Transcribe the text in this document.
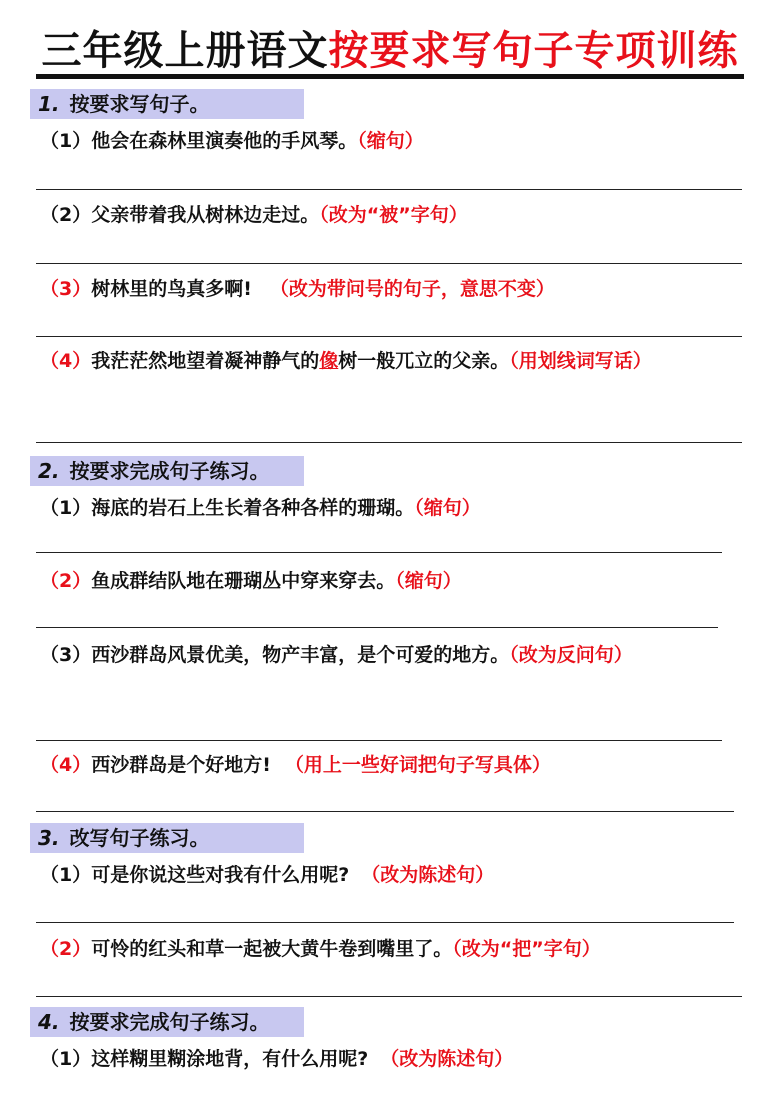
三年级上册语文按要求写句子专项训练
1. 按要求写句子。
（1）他会在森林里演奏他的手风琴。（缩句）
（2）父亲带着我从树林边走过。（改为“被”字句）
（3）树林里的鸟真多啊! （改为带问号的句子，意思不变）
（4）我茫茫然地望着凝神静气的像树一般兀立的父亲。（用划线词写话）
2. 按要求完成句子练习。
（1）海底的岩石上生长着各种各样的珊瑚。（缩句）
（2）鱼成群结队地在珊瑚丛中穿来穿去。（缩句）
（3）西沙群岛风景优美，物产丰富，是个可爱的地方。（改为反问句）
（4）西沙群岛是个好地方! （用上一些好词把句子写具体）
3. 改写句子练习。
（1）可是你说这些对我有什么用呢? （改为陈述句）
（2）可怜的红头和草一起被大黄牛卷到嘴里了。（改为“把”字句）
4. 按要求完成句子练习。
（1）这样糊里糊涂地背，有什么用呢? （改为陈述句）
